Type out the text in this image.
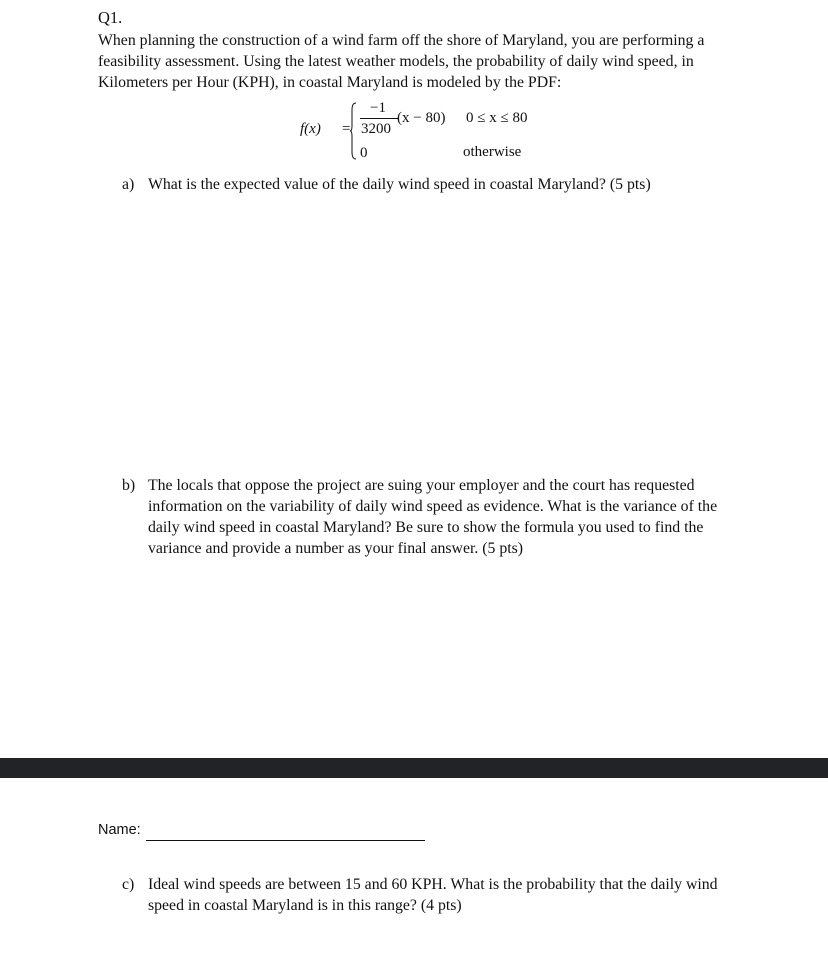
Q1.
When planning the construction of a wind farm off the shore of Maryland, you are performing a feasibility assessment. Using the latest weather models, the probability of daily wind speed, in Kilometers per Hour (KPH), in coastal Maryland is modeled by the PDF:
f(x) =
−1
3200
(x − 80) 0 ≤ x ≤ 80
0	otherwise
a) What is the expected value of the daily wind speed in coastal Maryland? (5 pts)
b) The locals that oppose the project are suing your employer and the court has requested information on the variability of daily wind speed as evidence. What is the variance of the daily wind speed in coastal Maryland? Be sure to show the formula you used to find the variance and provide a number as your final answer. (5 pts)
Name:
c) Ideal wind speeds are between 15 and 60 KPH. What is the probability that the daily wind speed in coastal Maryland is in this range? (4 pts)
